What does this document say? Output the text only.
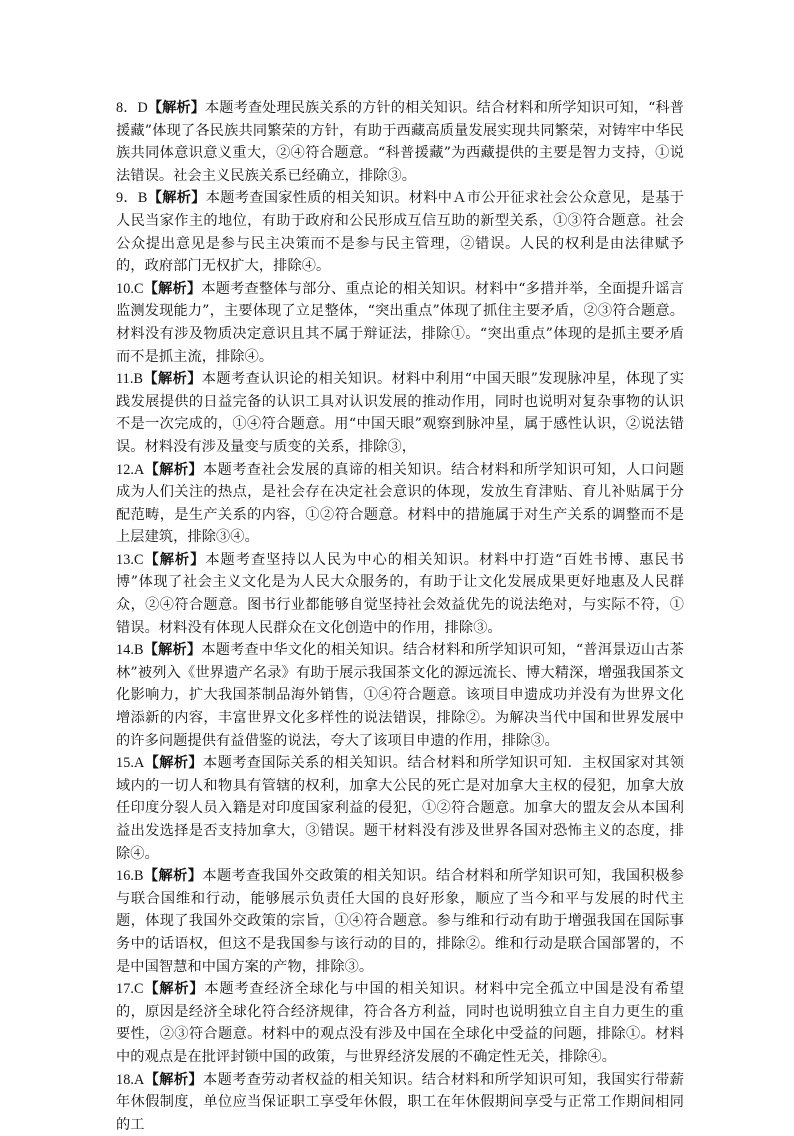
8．D【解析】本题考查处理民族关系的方针的相关知识。结合材料和所学知识可知，“科普援藏”体现了各民族共同繁荣的方针，有助于西藏高质量发展实现共同繁荣，对铸牢中华民族共同体意识意义重大，②④符合题意。“科普援藏”为西藏提供的主要是智力支持，①说法错误。社会主义民族关系已经确立，排除③。

9．B【解析】本题考查国家性质的相关知识。材料中Ａ市公开征求社会公众意见，是基于人民当家作主的地位，有助于政府和公民形成互信互助的新型关系，①③符合题意。社会公众提出意见是参与民主决策而不是参与民主管理，②错误。人民的权利是由法律赋予的，政府部门无权扩大，排除④。

10.C【解析】本题考查整体与部分、重点论的相关知识。材料中“多措并举，全面提升谣言监测发现能力”，主要体现了立足整体，“突出重点”体现了抓住主要矛盾，②③符合题意。材料没有涉及物质决定意识且其不属于辩证法，排除①。“突出重点”体现的是抓主要矛盾而不是抓主流，排除④。

11.B【解析】本题考查认识论的相关知识。材料中利用“中国天眼”发现脉冲星，体现了实践发展提供的日益完备的认识工具对认识发展的推动作用，同时也说明对复杂事物的认识不是一次完成的，①④符合题意。用“中国天眼”观察到脉冲星，属于感性认识，②说法错误。材料没有涉及量变与质变的关系，排除③，

12.A【解析】本题考查社会发展的真谛的相关知识。结合材料和所学知识可知，人口问题成为人们关注的热点，是社会存在决定社会意识的体现，发放生育津贴、育儿补贴属于分配范畴，是生产关系的内容，①②符合题意。材料中的措施属于对生产关系的调整而不是上层建筑，排除③④。

13.C【解析】本题考查坚持以人民为中心的相关知识。材料中打造“百姓书博、惠民书博”体现了社会主义文化是为人民大众服务的，有助于让文化发展成果更好地惠及人民群众，②④符合题意。图书行业都能够自觉坚持社会效益优先的说法绝对，与实际不符，①错误。材料没有体现人民群众在文化创造中的作用，排除③。

14.B【解析】本题考查中华文化的相关知识。结合材料和所学知识可知，“普洱景迈山古茶林”被列入《世界遗产名录》有助于展示我国茶文化的源远流长、博大精深，增强我国茶文化影响力，扩大我国茶制品海外销售，①④符合题意。该项目申遗成功并没有为世界文化增添新的内容，丰富世界文化多样性的说法错误，排除②。为解决当代中国和世界发展中的许多问题提供有益借鉴的说法，夸大了该项目申遗的作用，排除③。

15.A【解析】本题考查国际关系的相关知识。结合材料和所学知识可知．主权国家对其领域内的一切人和物具有管辖的权利，加拿大公民的死亡是对加拿大主权的侵犯，加拿大放任印度分裂人员入籍是对印度国家利益的侵犯，①②符合题意。加拿大的盟友会从本国利益出发选择是否支持加拿大，③错误。题干材料没有涉及世界各国对恐怖主义的态度，排除④。

16.B【解析】本题考查我国外交政策的相关知识。结合材料和所学知识可知，我国积极参与联合国维和行动，能够展示负责任大国的良好形象，顺应了当今和平与发展的时代主题，体现了我国外交政策的宗旨，①④符合题意。参与维和行动有助于增强我国在国际事务中的话语权，但这不是我国参与该行动的目的，排除②。维和行动是联合国部署的，不是中国智慧和中国方案的产物，排除③。

17.C【解析】本题考查经济全球化与中国的相关知识。材料中完全孤立中国是没有希望的，原因是经济全球化符合经济规律，符合各方利益，同时也说明独立自主自力更生的重要性，②③符合题意。材料中的观点没有涉及中国在全球化中受益的问题，排除①。材料中的观点是在批评封锁中国的政策，与世界经济发展的不确定性无关，排除④。

18.A【解析】本题考查劳动者权益的相关知识。结合材料和所学知识可知，我国实行带薪年休假制度，单位应当保证职工享受年休假，职工在年休假期间享受与正常工作期间相同的工
